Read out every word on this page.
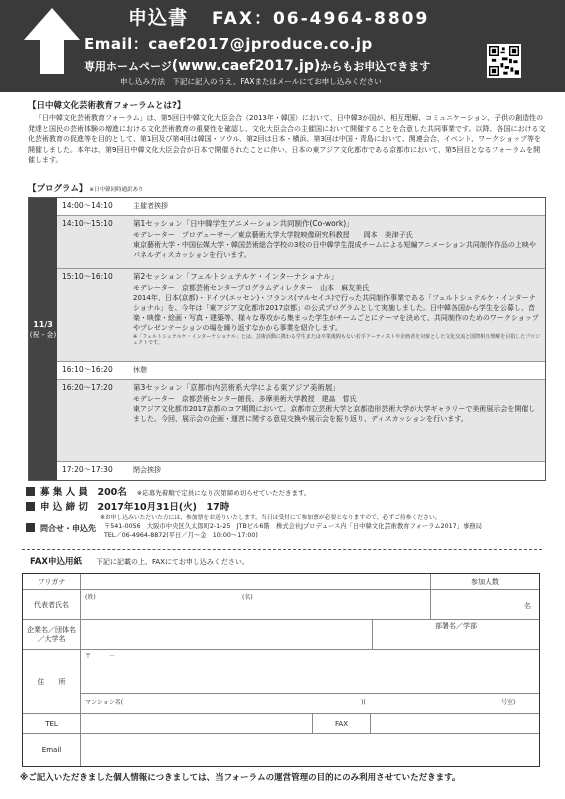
申込書 FAX：06-4964-8809
Email：caef2017@jproduce.co.jp
専用ホームページ(www.caef2017.jp)からもお申込できます
申し込み方法　下記に記入のうえ、FAXまたはメールにてお申し込みください
【日中韓文化芸術教育フォーラムとは?】
「日中韓文化芸術教育フォーラム」は、第5回日中韓文化大臣会合（2013年・韓国）において、日中韓3か国が、相互理解、コミュニケーション、子供の創造性の発達と国民の芸術体験の増進における文化芸術教育の重要性を確認し、文化大臣会合の主催国において開催することを合意した共同事業です。以降、各国における文化芸術教育の促進等を目的として、第1回及び第4回は韓国・ソウル、第2回は日本・横浜、第3回は中国・青島において、関連会合、イベント、ワークショップ等を開催しました。本年は、第9回日中韓文化大臣会合が日本で開催されたことに伴い、日本の東アジア文化都市である京都市において、第5回目となるフォーラムを開催します。
【プログラム】 ※日中韓同時通訳あり
11/3
(祝・金)
14:00～14:10	主催者挨拶
14:10～15:10	第1セッション「日中韓学生アニメーション共同制作(Co-work)」
モデレーター　プロデューサー／東京藝術大学大学院映像研究科教授　　岡本　美津子氏
東京藝術大学・中国伝媒大学・韓国芸術総合学校の3校の日中韓学生混成チームによる短編アニメーション共同制作作品の上映やパネルディスカッションを行います。
15:10～16:10	第2セッション「フェルトシュテルケ・インターナショナル」
モデレーター　京都芸術センタープログラムディレクター　山本　麻友美氏
2014年、日本(京都)・ドイツ(エッセン)・フランス(マルセイユ)で行った共同制作事業である「フェルトシュテルケ・インターナショナル」を、今年は「東アジア文化都市2017京都」の公式プログラムとして実施しました。日中韓各国から学生を公募し、音楽・映像・絵画・写真・建築等、様々な専攻から集まった学生がチームごとにテーマを決めて、共同制作のためのワークショップやプレゼンテーションの場を繰り返すなかから事業を紹介します。
※「フェルトシュテルケ・インターナショナル」とは、芸術活動に携わる学生または卒業後間もない若手アーティストや企画者を対象とした文化交流と国際相互理解を目指したプロジェクトです。
16:10～16:20	休憩
16:20～17:20	第3セッション「京都市内芸術系大学による東アジア美術展」
モデレーター　京都芸術センター館長、多摩美術大学教授　建畠　晢氏
東アジア文化都市2017京都のコア期間において、京都市立芸術大学と京都造形芸術大学が大学ギャラリーで美術展示会を開催しました。今回、展示会の企画・運営に関する意見交換や展示会を振り返り、ディスカッションを行います。
17:20～17:30	閉会挨拶
募 集 人 員　 200名 ※応募先着順で定員になり次第締め切らせていただきます。
申 込 締 切　 2017年10月31日(火)　17時
※お申し込みいただいた方には、参加票をお送りいたします。当日は受付にて参加票が必要となりますので、必ずご持参ください。
問合せ・申込先 〒541-0056　大阪市中央区久太郎町2-1-25　JTBビル6階　株式会社Jプロデュース内「日中韓文化芸術教育フォーラム2017」事務局
TEL／06-4964-8872(平日／月～金　10:00～17:00)
FAX申込用紙 下記に記載の上、FAXにてお申し込みください。
フリガナ
代表者氏名
(姓)	(名)
参加人数
名
企業名／団体名
／大学名
部署名／学部
住　　所
〒　　　－
マンション名(	)(	号室)
TEL	FAX
Email
※ご記入いただきました個人情報につきましては、当フォーラムの運営管理の目的にのみ利用させていただきます。
